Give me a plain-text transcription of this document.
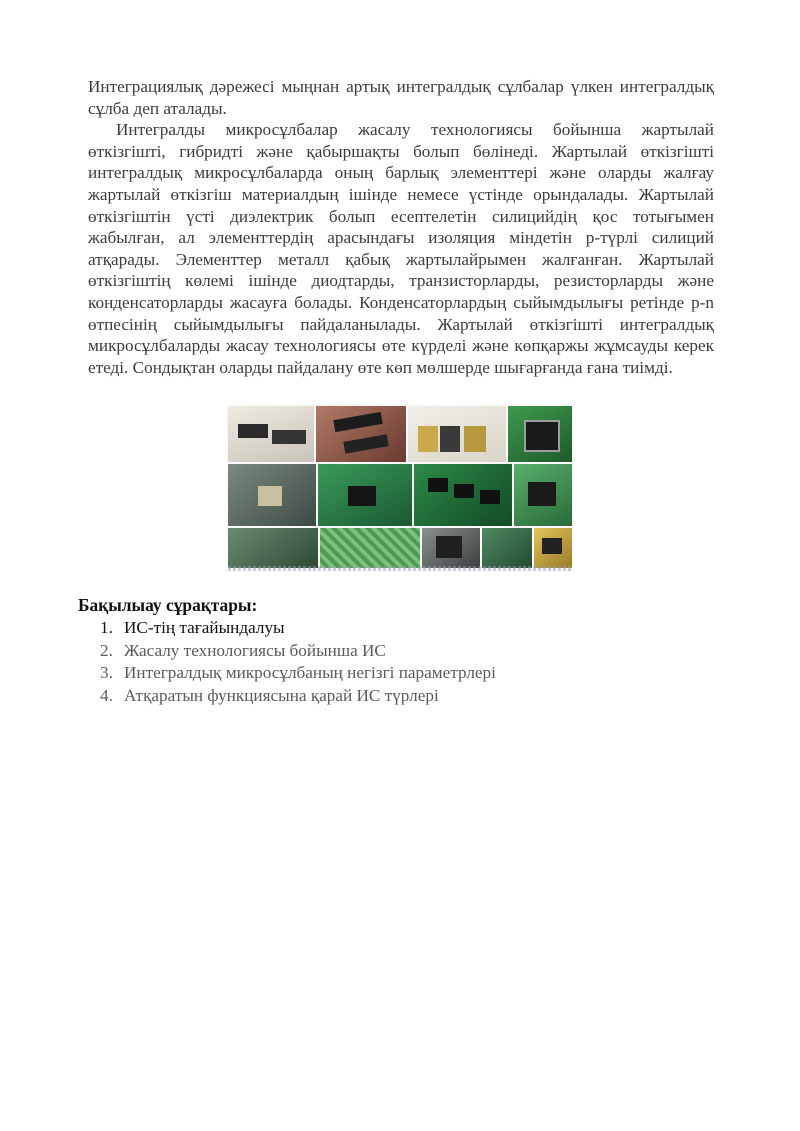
Интеграциялық дәрежесі мыңнан артық интегралдық сұлбалар үлкен интегралдық сұлба деп аталады.

Интегралды микросұлбалар жасалу технологиясы бойынша жартылай өткізгішті, гибридті және қабыршақты болып бөлінеді. Жартылай өткізгішті интегралдық микросұлбаларда оның барлық элементтері және оларды жалғау жартылай өткізгіш материалдың ішінде немесе үстінде орындалады. Жартылай өткізгіштін үсті диэлектрик болып есептелетін силицийдің қос тотығымен жабылған, ал элементтердің арасындағы изоляция міндетін p-түрлі силиций атқарады. Элементтер металл қабық жартылайрымен жалғанған. Жартылай өткізгіштің көлемі ішінде диодтарды, транзисторларды, резисторларды және конденсаторларды жасауға болады. Конденсаторлардың сыйымдылығы ретінде p-n өтпесінің сыйымдылығы пайдаланылады. Жартылай өткізгішті интегралдық микросұлбаларды жасау технологиясы өте күрделі және көпқаржы жұмсауды керек етеді. Сондықтан оларды пайдалану өте көп мөлшерде шығарғанда ғана тиімді.

Бақылыау сұрақтары:
1. ИС-тің тағайындалуы
2. Жасалу технологиясы бойынша ИС
3. Интегралдық микросұлбаның негізгі параметрлері
4. Атқаратын функциясына қарай ИС түрлері
